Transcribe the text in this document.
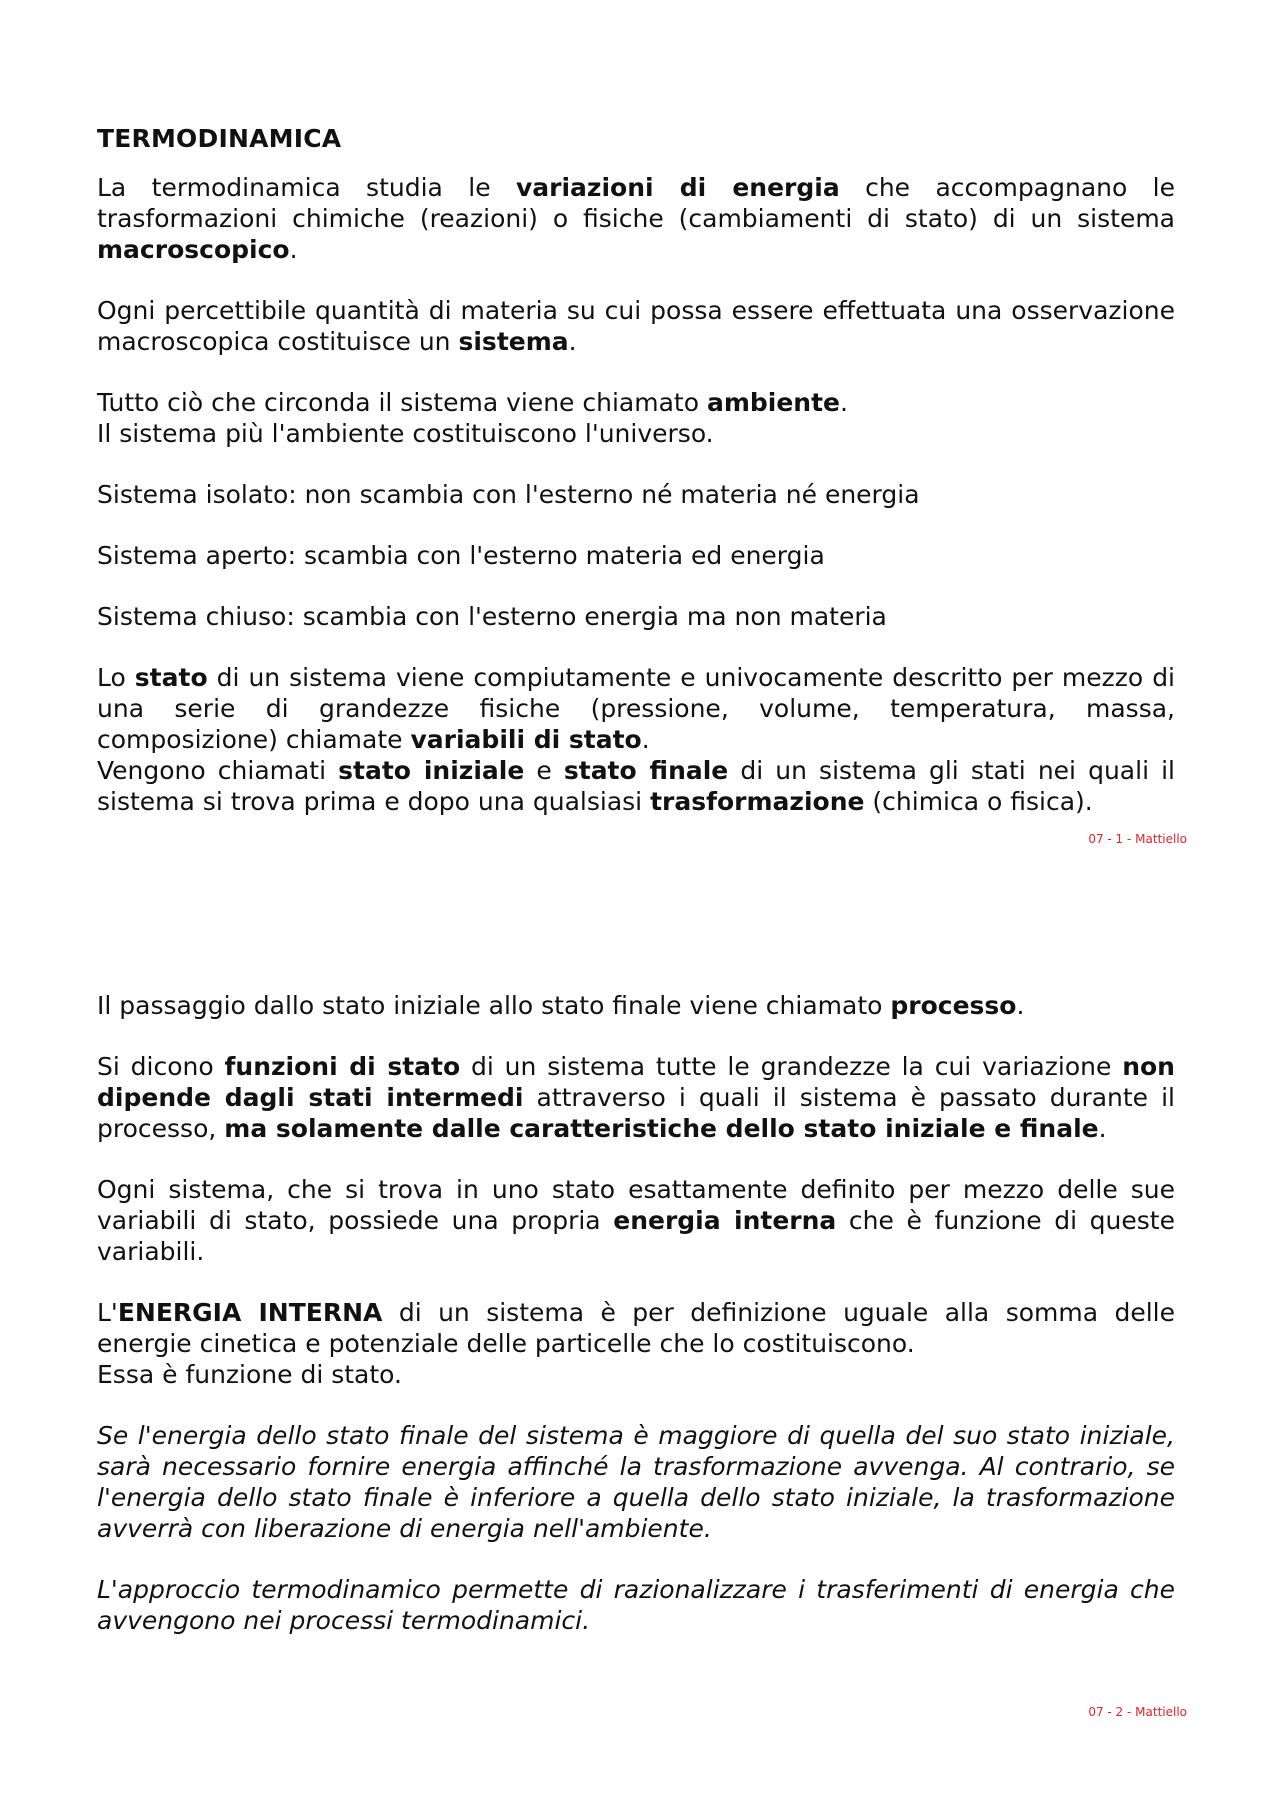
TERMODINAMICA

La termodinamica studia le variazioni di energia che accompagnano le trasformazioni chimiche (reazioni) o fisiche (cambiamenti di stato) di un sistema macroscopico.

Ogni percettibile quantità di materia su cui possa essere effettuata una osservazione macroscopica costituisce un sistema.

Tutto ciò che circonda il sistema viene chiamato ambiente.
Il sistema più l'ambiente costituiscono l'universo.

Sistema isolato: non scambia con l'esterno né materia né energia

Sistema aperto: scambia con l'esterno materia ed energia

Sistema chiuso: scambia con l'esterno energia ma non materia

Lo stato di un sistema viene compiutamente e univocamente descritto per mezzo di una serie di grandezze fisiche (pressione, volume, temperatura, massa, composizione) chiamate variabili di stato.

Vengono chiamati stato iniziale e stato finale di un sistema gli stati nei quali il sistema si trova prima e dopo una qualsiasi trasformazione (chimica o fisica).

07 - 1 - Mattiello

Il passaggio dallo stato iniziale allo stato finale viene chiamato processo.

Si dicono funzioni di stato di un sistema tutte le grandezze la cui variazione non dipende dagli stati intermedi attraverso i quali il sistema è passato durante il processo, ma solamente dalle caratteristiche dello stato iniziale e finale.

Ogni sistema, che si trova in uno stato esattamente definito per mezzo delle sue variabili di stato, possiede una propria energia interna che è funzione di queste variabili.

L'ENERGIA INTERNA di un sistema è per definizione uguale alla somma delle energie cinetica e potenziale delle particelle che lo costituiscono.
Essa è funzione di stato.

Se l'energia dello stato finale del sistema è maggiore di quella del suo stato iniziale, sarà necessario fornire energia affinché la trasformazione avvenga. Al contrario, se l'energia dello stato finale è inferiore a quella dello stato iniziale, la trasformazione avverrà con liberazione di energia nell'ambiente.

L'approccio termodinamico permette di razionalizzare i trasferimenti di energia che avvengono nei processi termodinamici.

07 - 2 - Mattiello
